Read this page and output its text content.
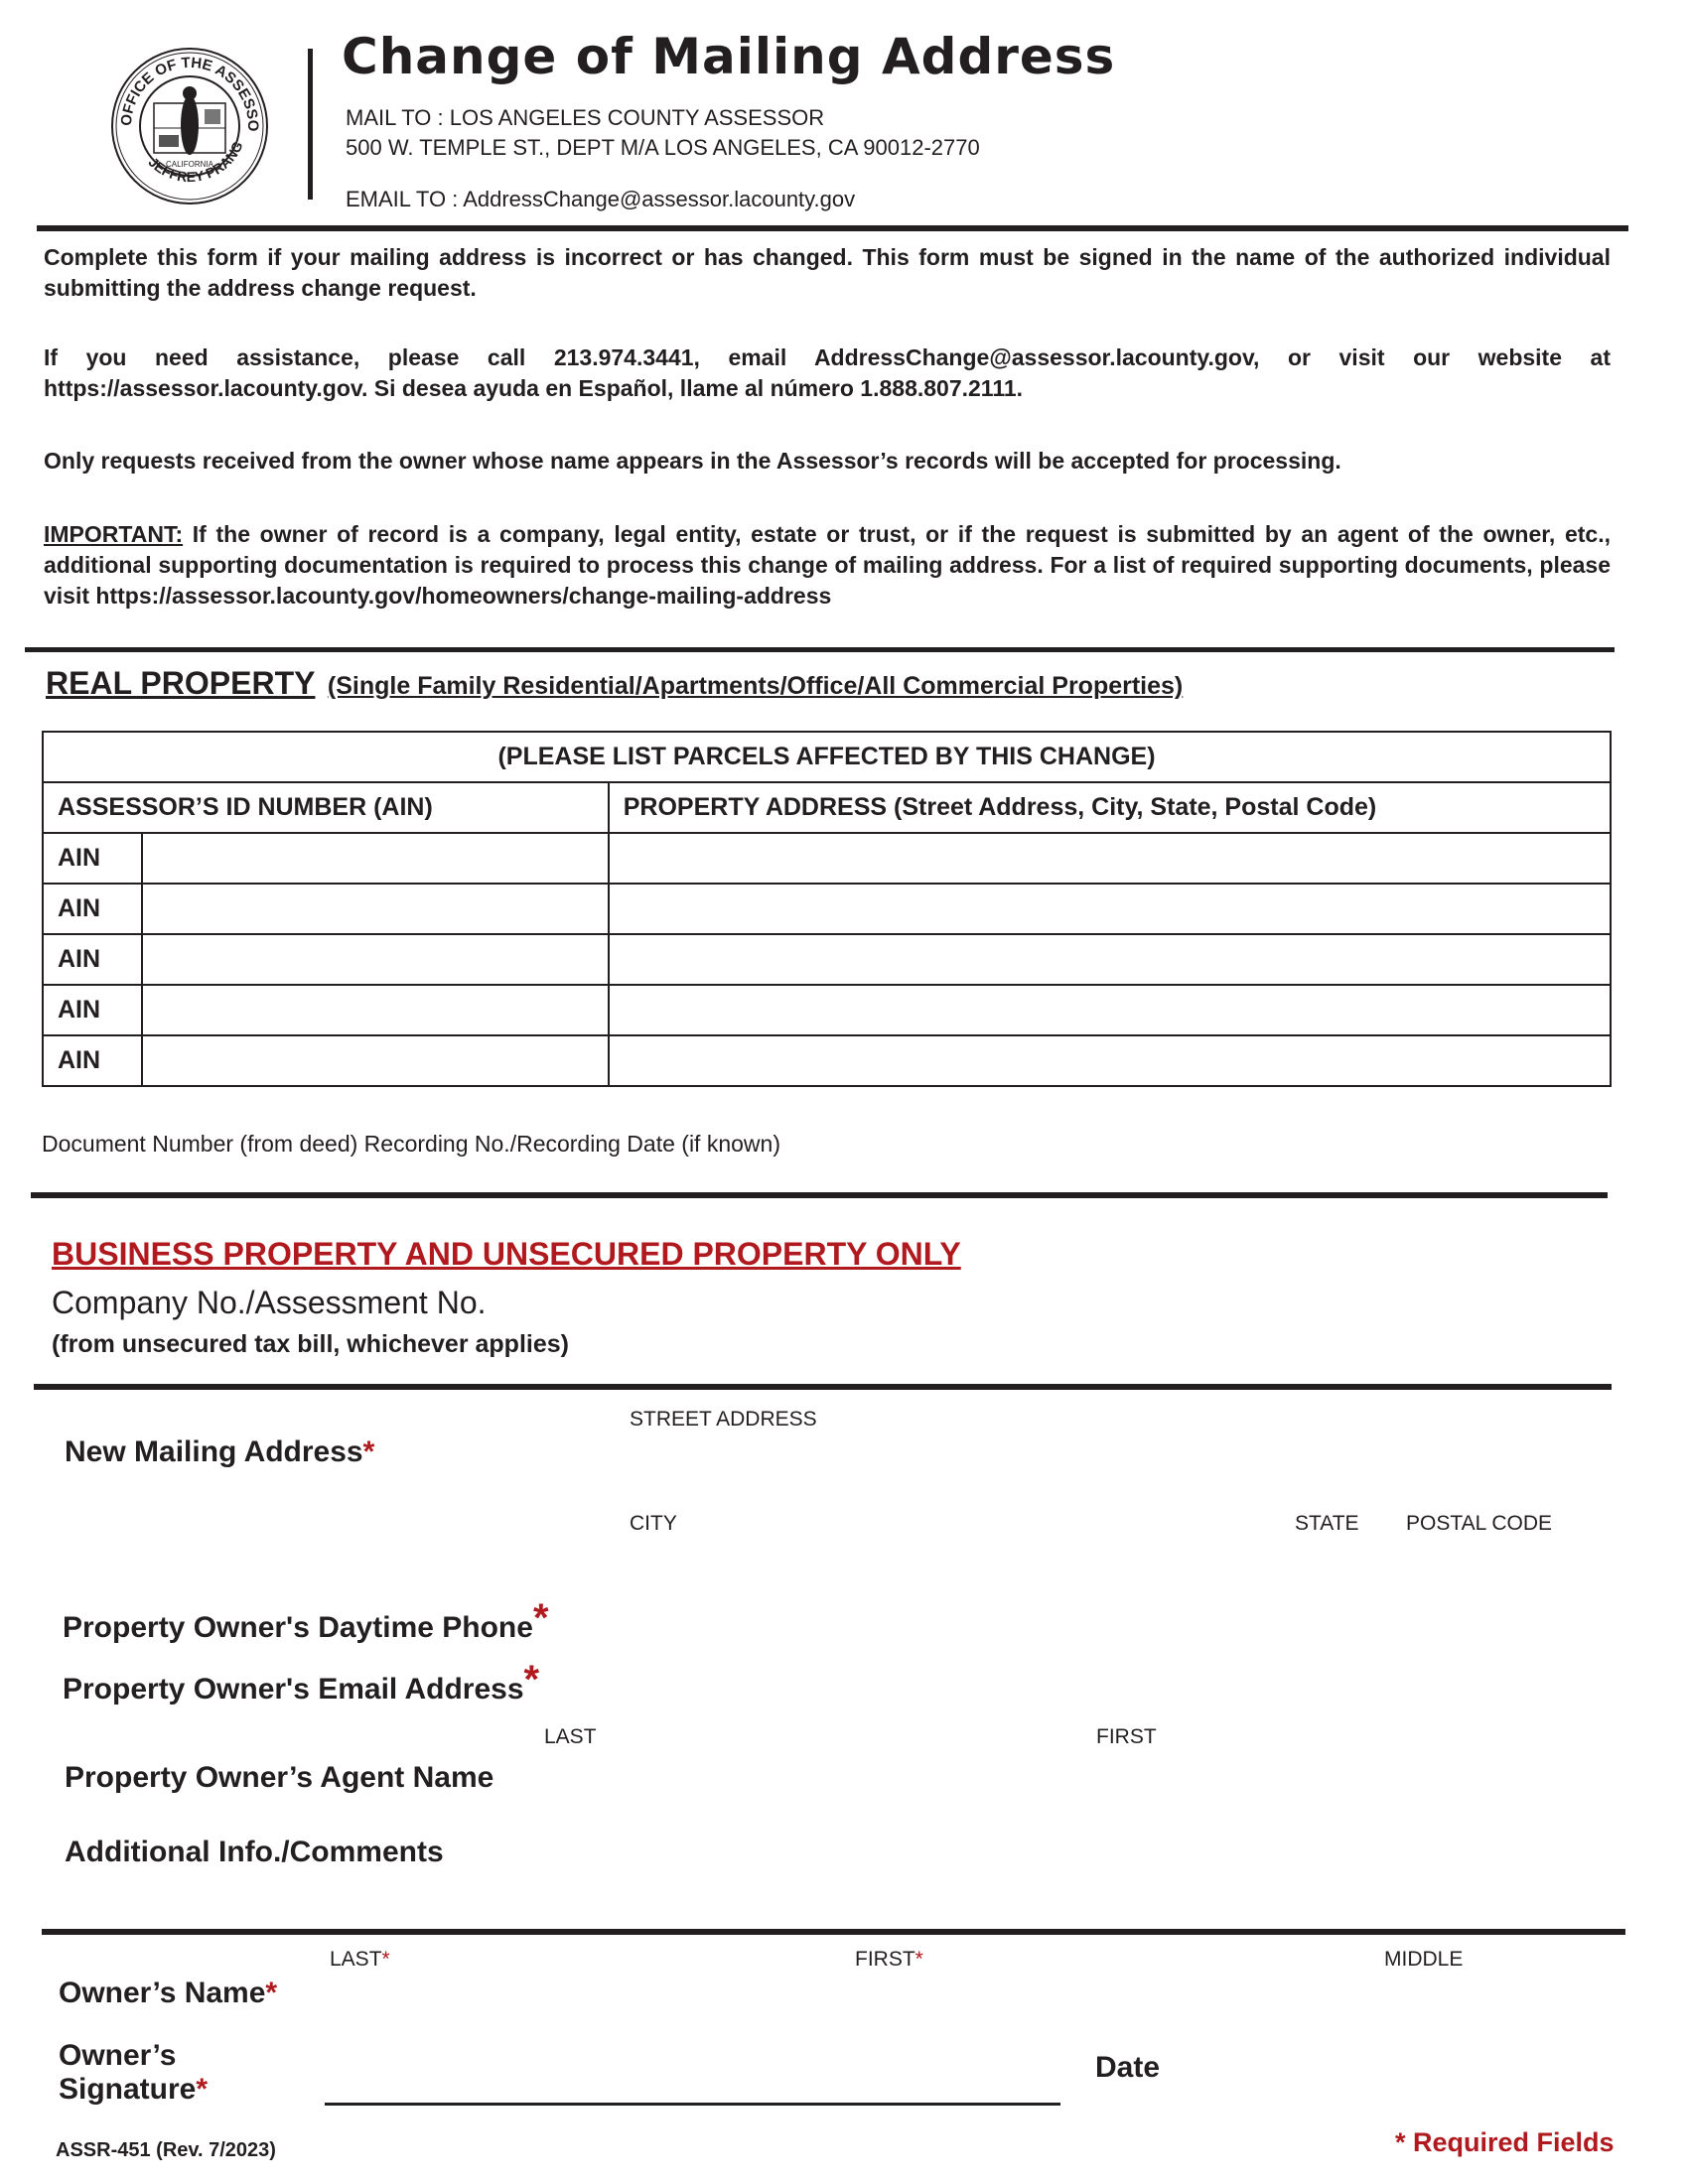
OFFICE OF THE ASSESSO
JEFFREY PRANG
CALIFORNIA
Change of Mailing Address
MAIL TO : LOS ANGELES COUNTY ASSESSOR
500 W. TEMPLE ST., DEPT M/A LOS ANGELES, CA 90012-2770
EMAIL TO : AddressChange@assessor.lacounty.gov
Complete this form if your mailing address is incorrect or has changed. This form must be signed in the name of the authorized individual submitting the address change request.
If you need assistance, please call 213.974.3441, email AddressChange@assessor.lacounty.gov, or visit our website at https://assessor.lacounty.gov. Si desea ayuda en Español, llame al número 1.888.807.2111.
Only requests received from the owner whose name appears in the Assessor’s records will be accepted for processing.
IMPORTANT: If the owner of record is a company, legal entity, estate or trust, or if the request is submitted by an agent of the owner, etc., additional supporting documentation is required to process this change of mailing address. For a list of required supporting documents, please visit https://assessor.lacounty.gov/homeowners/change-mailing-address
REAL PROPERTY (Single Family Residential/Apartments/Office/All Commercial Properties)
(PLEASE LIST PARCELS AFFECTED BY THIS CHANGE)		
ASSESSOR’S ID NUMBER (AIN)		PROPERTY ADDRESS (Street Address, City, State, Postal Code)
AIN		
AIN		
AIN		
AIN		
AIN		
Document Number (from deed) Recording No./Recording Date (if known)
BUSINESS PROPERTY AND UNSECURED PROPERTY ONLY
Company No./Assessment No.
(from unsecured tax bill, whichever applies)
STREET ADDRESS
New Mailing Address*
CITY	STATE POSTAL CODE
Property Owner's Daytime Phone*
Property Owner's Email Address*
LAST	FIRST
Property Owner’s Agent Name
Additional Info./Comments
LAST*	FIRST*	MIDDLE
Owner’s Name*
Owner’s
Signature*
Date
ASSR-451 (Rev. 7/2023)	* Required Fields
